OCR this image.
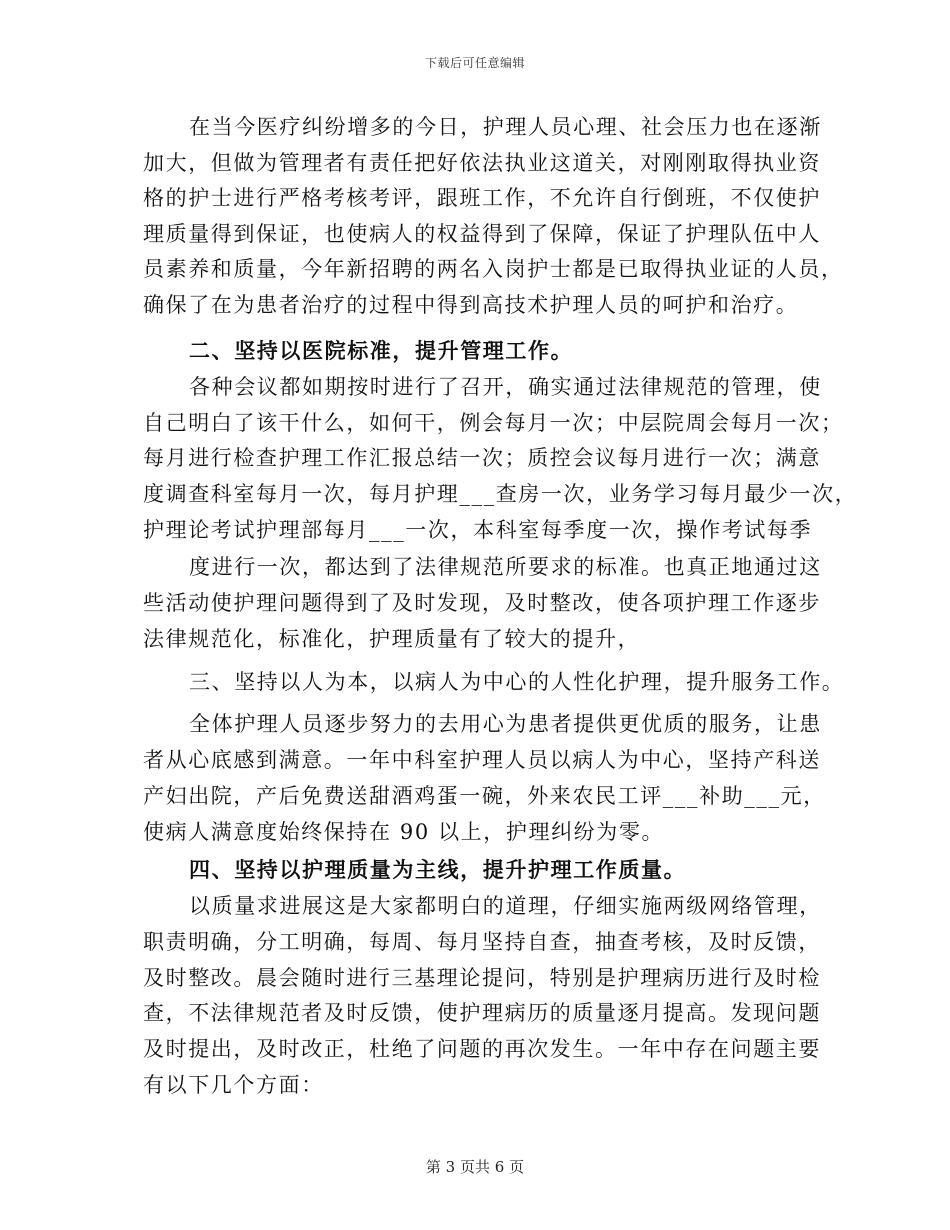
下载后可任意编辑
在当今医疗纠纷增多的今日，护理人员心理、社会压力也在逐渐
加大，但做为管理者有责任把好依法执业这道关，对刚刚取得执业资
格的护士进行严格考核考评，跟班工作，不允许自行倒班，不仅使护
理质量得到保证，也使病人的权益得到了保障，保证了护理队伍中人
员素养和质量，今年新招聘的两名入岗护士都是已取得执业证的人员，
确保了在为患者治疗的过程中得到高技术护理人员的呵护和治疗。
二、坚持以医院标准，提升管理工作。
各种会议都如期按时进行了召开，确实通过法律规范的管理，使
自己明白了该干什么，如何干，例会每月一次；中层院周会每月一次；
每月进行检查护理工作汇报总结一次；质控会议每月进行一次；满意
度调查科室每月一次，每月护理___查房一次，业务学习每月最少一次，
护理论考试护理部每月___一次，本科室每季度一次，操作考试每季
度进行一次，都达到了法律规范所要求的标准。也真正地通过这
些活动使护理问题得到了及时发现，及时整改，使各项护理工作逐步
法律规范化，标准化，护理质量有了较大的提升，
三、坚持以人为本，以病人为中心的人性化护理，提升服务工作。
全体护理人员逐步努力的去用心为患者提供更优质的服务，让患
者从心底感到满意。一年中科室护理人员以病人为中心，坚持产科送
产妇出院，产后免费送甜酒鸡蛋一碗，外来农民工评___补助___元，
使病人满意度始终保持在 90 以上，护理纠纷为零。
四、坚持以护理质量为主线，提升护理工作质量。
以质量求进展这是大家都明白的道理，仔细实施两级网络管理，
职责明确，分工明确，每周、每月坚持自查，抽查考核，及时反馈，
及时整改。晨会随时进行三基理论提问，特别是护理病历进行及时检
查，不法律规范者及时反馈，使护理病历的质量逐月提高。发现问题
及时提出，及时改正，杜绝了问题的再次发生。一年中存在问题主要
有以下几个方面：
第 3 页共 6 页
